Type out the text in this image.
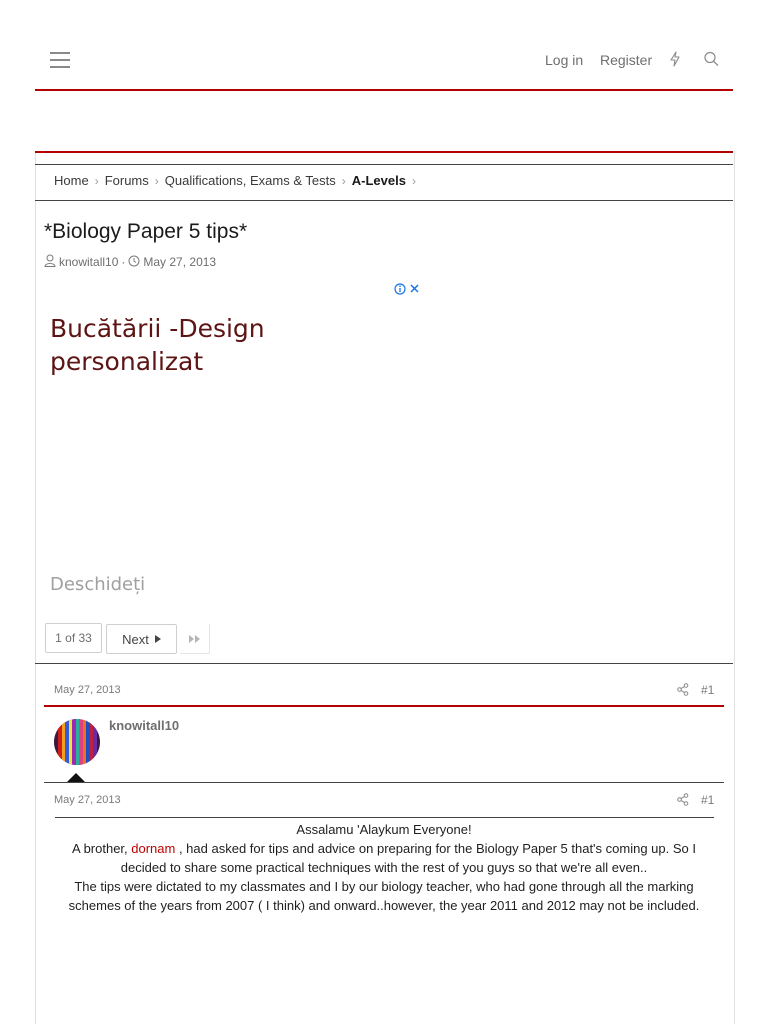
Log in Register
Home › Forums › Qualifications, Exams & Tests › A-Levels ›
*Biology Paper 5 tips*
knowitall10 · May 27, 2013
Bucătării -Design
personalizat
Deschideți
1 of 33	Next
May 27, 2013	#1
knowitall10
May 27, 2013	#1

Assalamu 'Alaykum Everyone!

A brother, dornam , had asked for tips and advice on preparing for the Biology Paper 5 that's coming up. So I decided to share some practical techniques with the rest of you guys so that we're all even..

The tips were dictated to my classmates and I by our biology teacher, who had gone through all the marking schemes of the years from 2007 ( I think) and onward..however, the year 2011 and 2012 may not be included.
